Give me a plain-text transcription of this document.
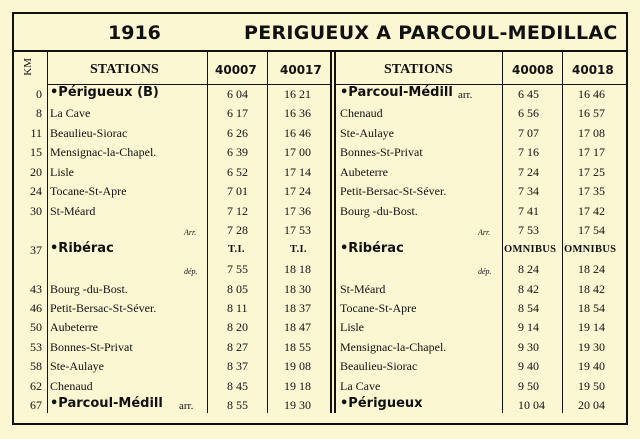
1916	PERIGUEUX A PARCOUL-MEDILLAC
KM	STATIONS	40007 40017	STATIONS	40008 40018
0 •Périgueux (B)	6 04	16 21
8 La Cave	6 17	16 36
11 Beaulieu-Siorac	6 26	16 46
15 Mensignac-la-Chapel.	6 39	17 00
20 Lisle	6 52	17 14
24 Tocane-St-Apre	7 01	17 24
30 St-Méard	7 12	17 36
Arr.	7 28	17 53
37 •Ribérac	T.I.	T.I.
dép. 7 55	18 18
43 Bourg -du-Bost.	8 05	18 30
46 Petit-Bersac-St-Séver.	8 11	18 37
50 Aubeterre	8 20	18 47
53 Bonnes-St-Privat	8 27	18 55
58 Ste-Aulaye	8 37	19 08
62 Chenaud	8 45	19 18
67 •Parcoul-Médill arr.	8 55	19 30
•Parcoul-Médill arr.	6 45	16 46
Chenaud	6 56	16 57
Ste-Aulaye	7 07	17 08
Bonnes-St-Privat	7 16	17 17
Aubeterre	7 24	17 25
Petit-Bersac-St-Séver.	7 34	17 35
Bourg -du-Bost.	7 41	17 42
Arr. 7 53	17 54
•Ribérac	OMNIBUS OMNIBUS
dép. 8 24	18 24
St-Méard	8 42	18 42
Tocane-St-Apre	8 54	18 54
Lisle	9 14	19 14
Mensignac-la-Chapel.	9 30	19 30
Beaulieu-Siorac	9 40	19 40
La Cave	9 50	19 50
•Périgueux	10 04	20 04
